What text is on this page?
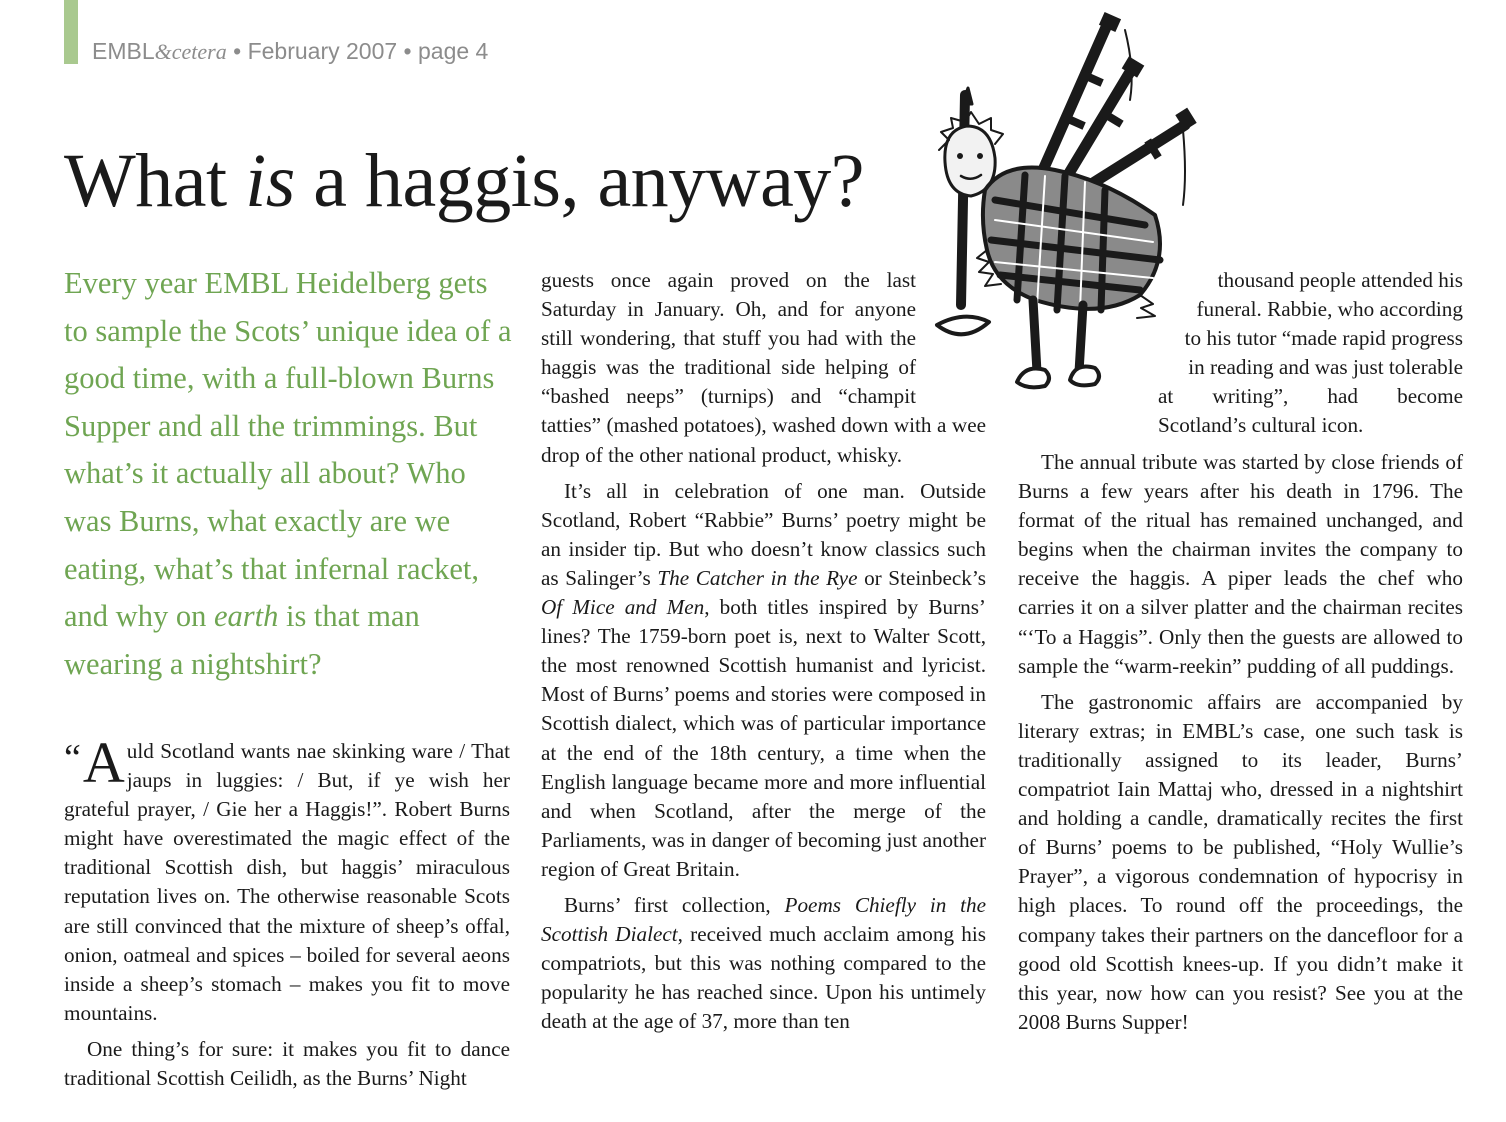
EMBL&cetera • February 2007 • page 4
What is a haggis, anyway?

Every year EMBL Heidelberg gets to sample the Scots’ unique idea of a good time, with a full-blown Burns Supper and all the trimmings. But what’s it actually all about? Who was Burns, what exactly are we eating, what’s that infernal racket, and why on earth is that man wearing a nightshirt?

“ A uld Scotland wants nae skinking ware / That jaups in luggies: / But, if ye wish her grateful prayer, / Gie her a Haggis!”. Robert Burns might have overestimated the magic effect of the traditional Scottish dish, but haggis’ miraculous reputation lives on. The otherwise reasonable Scots are still convinced that the mixture of sheep’s offal, onion, oatmeal and spices – boiled for several aeons inside a sheep’s stomach – makes you fit to move mountains.

One thing’s for sure: it makes you fit to dance traditional Scottish Ceilidh, as the Burns’ Night

guests once again proved on the last Saturday in January. Oh, and for anyone still wondering, that stuff you had with the haggis was the traditional side helping of “bashed neeps” (turnips) and “champit tatties” (mashed potatoes), washed down with a wee drop of the other national product, whisky.

It’s all in celebration of one man. Outside Scotland, Robert “Rabbie” Burns’ poetry might be an insider tip. But who doesn’t know classics such as Salinger’s The Catcher in the Rye or Steinbeck’s Of Mice and Men, both titles inspired by Burns’ lines? The 1759-born poet is, next to Walter Scott, the most renowned Scottish humanist and lyricist. Most of Burns’ poems and stories were composed in Scottish dialect, which was of particular importance at the end of the 18th century, a time when the English language became more and more influential and when Scotland, after the merge of the Parliaments, was in danger of becoming just another region of Great Britain.

Burns’ first collection, Poems Chiefly in the Scottish Dialect, received much acclaim among his compatriots, but this was nothing compared to the popularity he has reached since. Upon his untimely death at the age of 37, more than ten

thousand people attended his
funeral. Rabbie, who according
to his tutor “made rapid progress
in reading and was just tolerable
at writing”, had become
Scotland’s cultural icon.

The annual tribute was started by close friends of Burns a few years after his death in 1796. The format of the ritual has remained unchanged, and begins when the chairman invites the company to receive the haggis. A piper leads the chef who carries it on a silver platter and the chairman recites “‘To a Haggis”. Only then the guests are allowed to sample the “warm-reekin” pudding of all puddings.

The gastronomic affairs are accompanied by literary extras; in EMBL’s case, one such task is traditionally assigned to its leader, Burns’ compatriot Iain Mattaj who, dressed in a nightshirt and holding a candle, dramatically recites the first of Burns’ poems to be published, “Holy Wullie’s Prayer”, a vigorous condemnation of hypocrisy in high places. To round off the proceedings, the company takes their partners on the dancefloor for a good old Scottish knees-up. If you didn’t make it this year, now how can you resist? See you at the 2008 Burns Supper!
